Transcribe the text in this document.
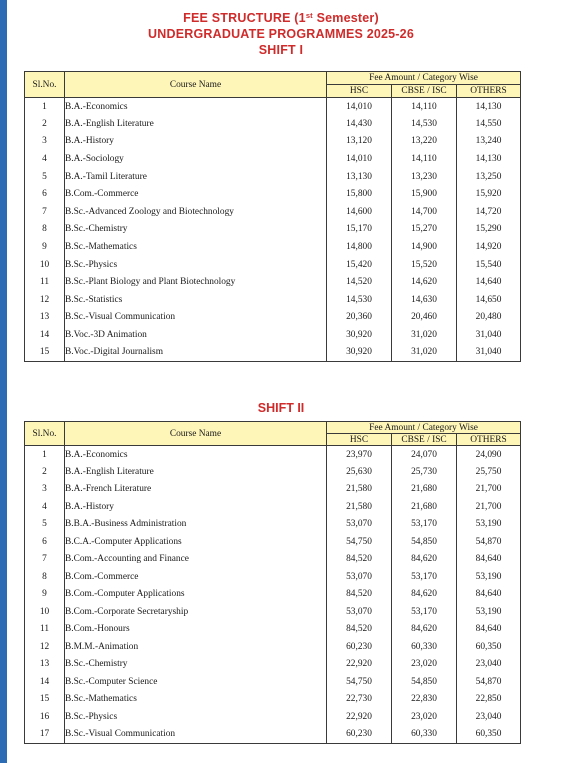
FEE STRUCTURE (1st Semester)
UNDERGRADUATE PROGRAMMES 2025-26
SHIFT I
Sl.No.	Course Name	Fee Amount / Category Wise		
		HSC	CBSE / ISC	OTHERS
1	B.A.-Economics	14,010	14,110	14,130
2	B.A.-English Literature	14,430	14,530	14,550
3	B.A.-History	13,120	13,220	13,240
4	B.A.-Sociology	14,010	14,110	14,130
5	B.A.-Tamil Literature	13,130	13,230	13,250
6	B.Com.-Commerce	15,800	15,900	15,920
7	B.Sc.-Advanced Zoology and Biotechnology	14,600	14,700	14,720
8	B.Sc.-Chemistry	15,170	15,270	15,290
9	B.Sc.-Mathematics	14,800	14,900	14,920
10	B.Sc.-Physics	15,420	15,520	15,540
11	B.Sc.-Plant Biology and Plant Biotechnology	14,520	14,620	14,640
12	B.Sc.-Statistics	14,530	14,630	14,650
13	B.Sc.-Visual Communication	20,360	20,460	20,480
14	B.Voc.-3D Animation	30,920	31,020	31,040
15	B.Voc.-Digital Journalism	30,920	31,020	31,040
SHIFT II
Sl.No.	Course Name	Fee Amount / Category Wise		
		HSC	CBSE / ISC	OTHERS
1	B.A.-Economics	23,970	24,070	24,090
2	B.A.-English Literature	25,630	25,730	25,750
3	B.A.-French Literature	21,580	21,680	21,700
4	B.A.-History	21,580	21,680	21,700
5	B.B.A.-Business Administration	53,070	53,170	53,190
6	B.C.A.-Computer Applications	54,750	54,850	54,870
7	B.Com.-Accounting and Finance	84,520	84,620	84,640
8	B.Com.-Commerce	53,070	53,170	53,190
9	B.Com.-Computer Applications	84,520	84,620	84,640
10	B.Com.-Corporate Secretaryship	53,070	53,170	53,190
11	B.Com.-Honours	84,520	84,620	84,640
12	B.M.M.-Animation	60,230	60,330	60,350
13	B.Sc.-Chemistry	22,920	23,020	23,040
14	B.Sc.-Computer Science	54,750	54,850	54,870
15	B.Sc.-Mathematics	22,730	22,830	22,850
16	B.Sc.-Physics	22,920	23,020	23,040
17	B.Sc.-Visual Communication	60,230	60,330	60,350
